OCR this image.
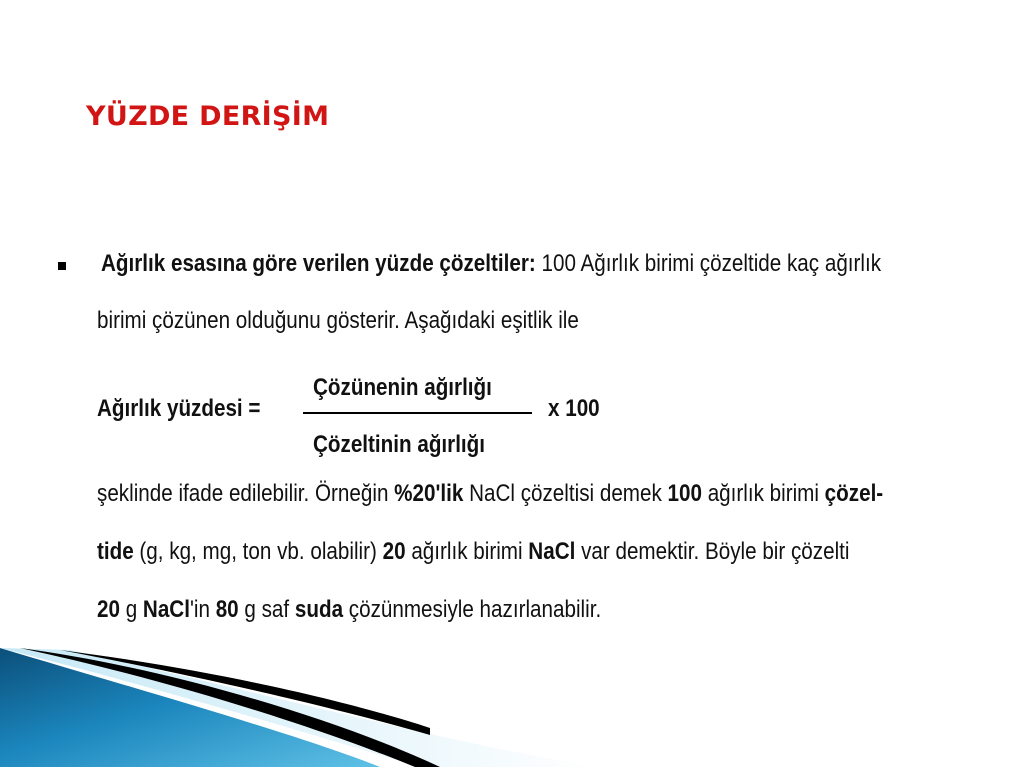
YÜZDE DERİŞİM
Ağırlık esasına göre verilen yüzde çözeltiler: 100 Ağırlık birimi çözeltide kaç ağırlık
birimi çözünen olduğunu gösterir. Aşağıdaki eşitlik ile
Ağırlık yüzdesi =
Çözünenin ağırlığı
Çözeltinin ağırlığı
x 100
şeklinde ifade edilebilir. Örneğin %20'lik NaCl çözeltisi demek 100 ağırlık birimi çözel-
tide (g, kg, mg, ton vb. olabilir) 20 ağırlık birimi NaCl var demektir. Böyle bir çözelti
20 g NaCl'in 80 g saf suda çözünmesiyle hazırlanabilir.
